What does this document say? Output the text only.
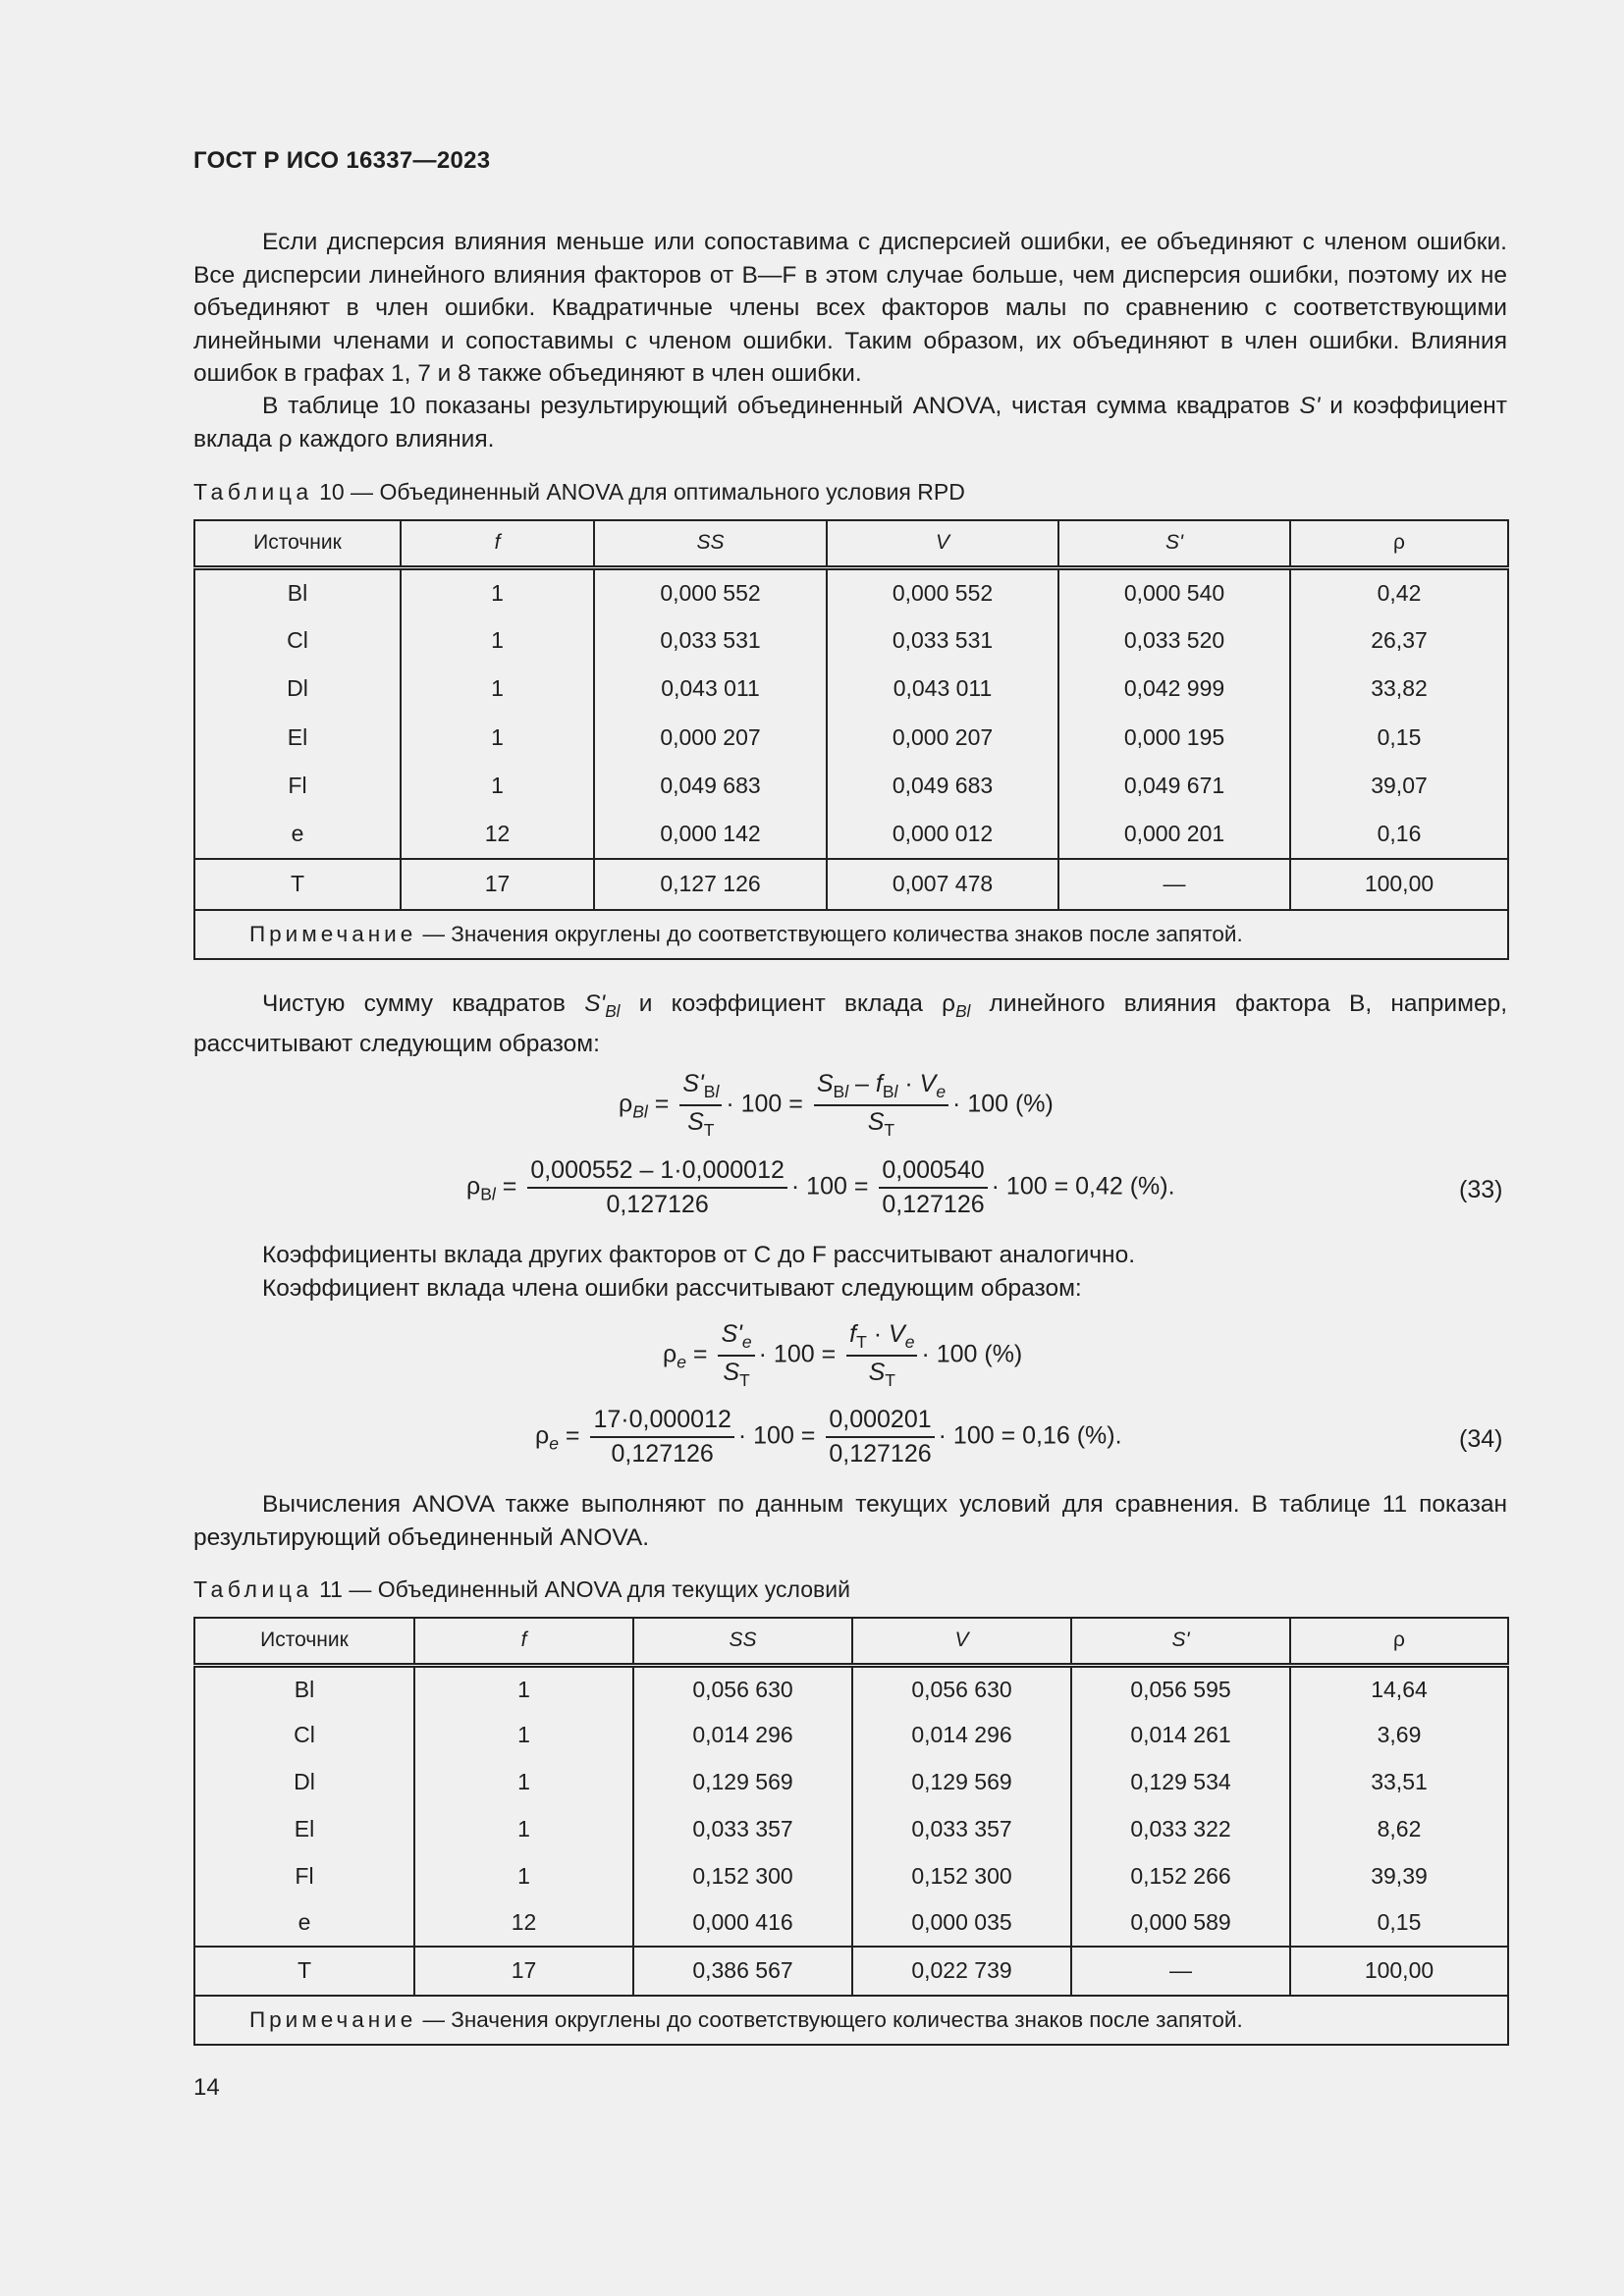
ГОСТ Р ИСО 16337—2023
Если дисперсия влияния меньше или сопоставима с дисперсией ошибки, ее объединяют с членом ошибки. Все дисперсии линейного влияния факторов от B—F в этом случае больше, чем дисперсия ошибки, поэтому их не объединяют в член ошибки. Квадратичные члены всех факторов малы по сравнению с соответствующими линейными членами и сопоставимы с членом ошибки. Таким образом, их объединяют в член ошибки. Влияния ошибок в графах 1, 7 и 8 также объединяют в член ошибки.
В таблице 10 показаны результирующий объединенный ANOVA, чистая сумма квадратов S' и коэффициент вклада ρ каждого влияния.
Таблица 10 — Объединенный ANOVA для оптимального условия RPD
Источник	f	SS	V	S'	ρ
Bl	1	0,000 552	0,000 552	0,000 540	0,42
Cl	1	0,033 531	0,033 531	0,033 520	26,37
Dl	1	0,043 011	0,043 011	0,042 999	33,82
El	1	0,000 207	0,000 207	0,000 195	0,15
Fl	1	0,049 683	0,049 683	0,049 671	39,07
e	12	0,000 142	0,000 012	0,000 201	0,16
T	17	0,127 126	0,007 478	—	100,00
Примечание — Значения округлены до соответствующего количества знаков после запятой.					
Чистую сумму квадратов $S'_{Bl}$ и коэффициент вклада $\rho_{Bl}$ линейного влияния фактора B, например, рассчитывают следующим образом:
$\rho_{Bl} = \frac{S'_{Bl}}{S_T} \cdot 100 = \frac{S_{Bl} - f_{Bl} \cdot V_e}{S_T} \cdot 100$ (%)
$\rho_{Bl} = \frac{0,000552 - 1\cdot 0,000012}{0,127126} \cdot 100 = \frac{0,000540}{0,127126} \cdot 100 = 0,42$ (%).	(33)
Коэффициенты вклада других факторов от C до F рассчитывают аналогично.
Коэффициент вклада члена ошибки рассчитывают следующим образом:
$\rho_e = \frac{S'_e}{S_T} \cdot 100 = \frac{f_T \cdot V_e}{S_T} \cdot 100$ (%)
$\rho_e = \frac{17\cdot 0,000012}{0,127126} \cdot 100 = \frac{0,000201}{0,127126} \cdot 100 = 0,16$ (%).	(34)
Вычисления ANOVA также выполняют по данным текущих условий для сравнения. В таблице 11 показан результирующий объединенный ANOVA.
Таблица 11 — Объединенный ANOVA для текущих условий
Источник	f	SS	V	S'	ρ
Bl	1	0,056 630	0,056 630	0,056 595	14,64
Cl	1	0,014 296	0,014 296	0,014 261	3,69
Dl	1	0,129 569	0,129 569	0,129 534	33,51
El	1	0,033 357	0,033 357	0,033 322	8,62
Fl	1	0,152 300	0,152 300	0,152 266	39,39
e	12	0,000 416	0,000 035	0,000 589	0,15
T	17	0,386 567	0,022 739	—	100,00
Примечание — Значения округлены до соответствующего количества знаков после запятой.					
14
